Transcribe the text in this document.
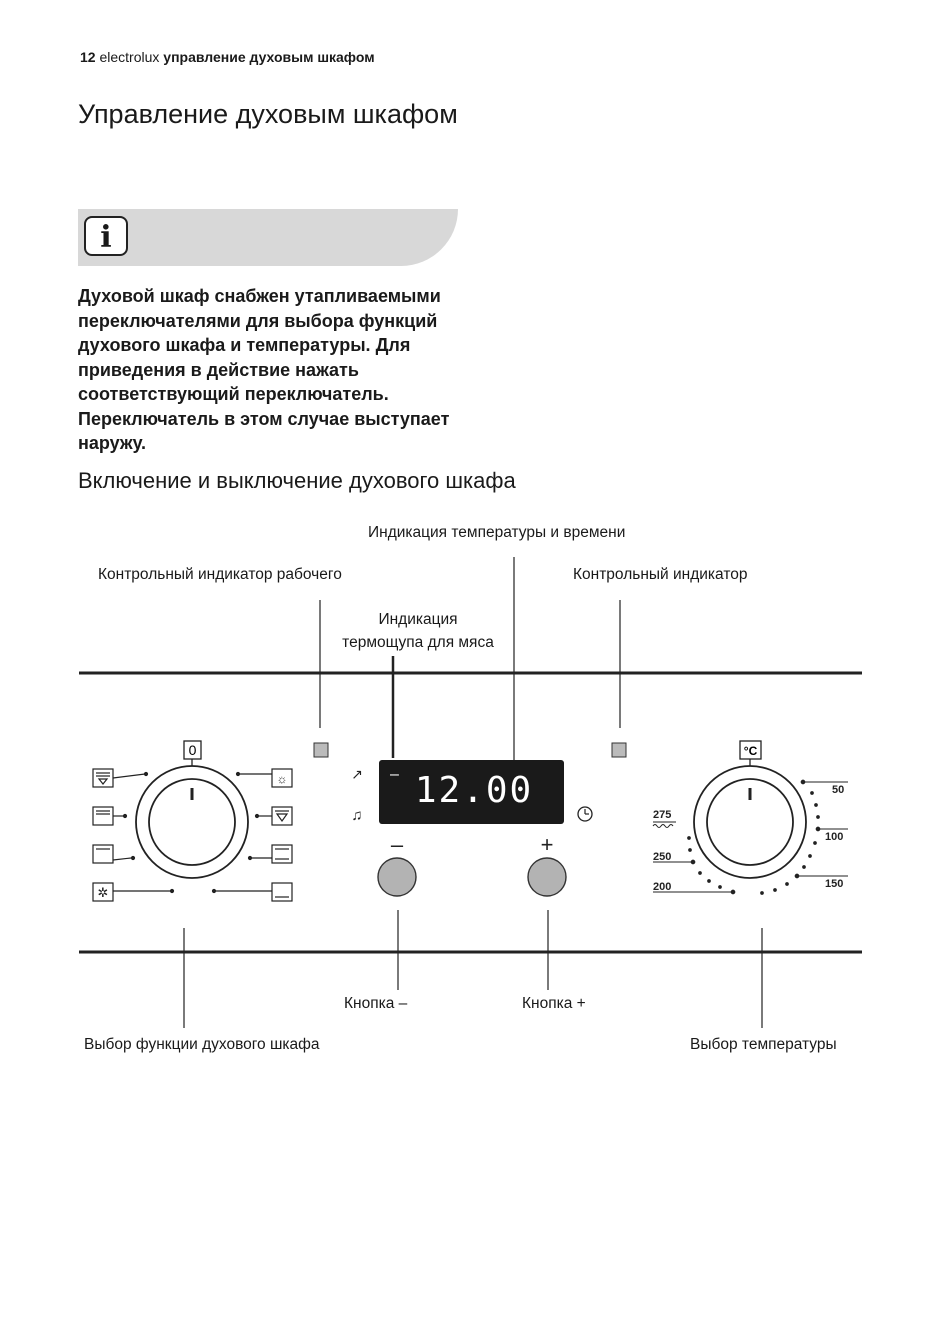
12 electrolux управление духовым шкафом
Управление духовым шкафом
i

Духовой шкаф снабжен утапливаемыми переключателями для выбора функций духового шкафа и температуры. Для приведения в действие нажать соответствующий переключатель. Переключатель в этом случае выступает наружу.

Включение и выключение духового шкафа
Индикация температуры и времени
Контрольный индикатор рабочего	Контрольный индикатор
Индикация
термощупа для мяса
Кнопка –	Кнопка +
Выбор функции духового шкафа	Выбор температуры
0
✲
☼	– 12.00
↗
♫
–	+
°C
50
100
150
200
250
275
